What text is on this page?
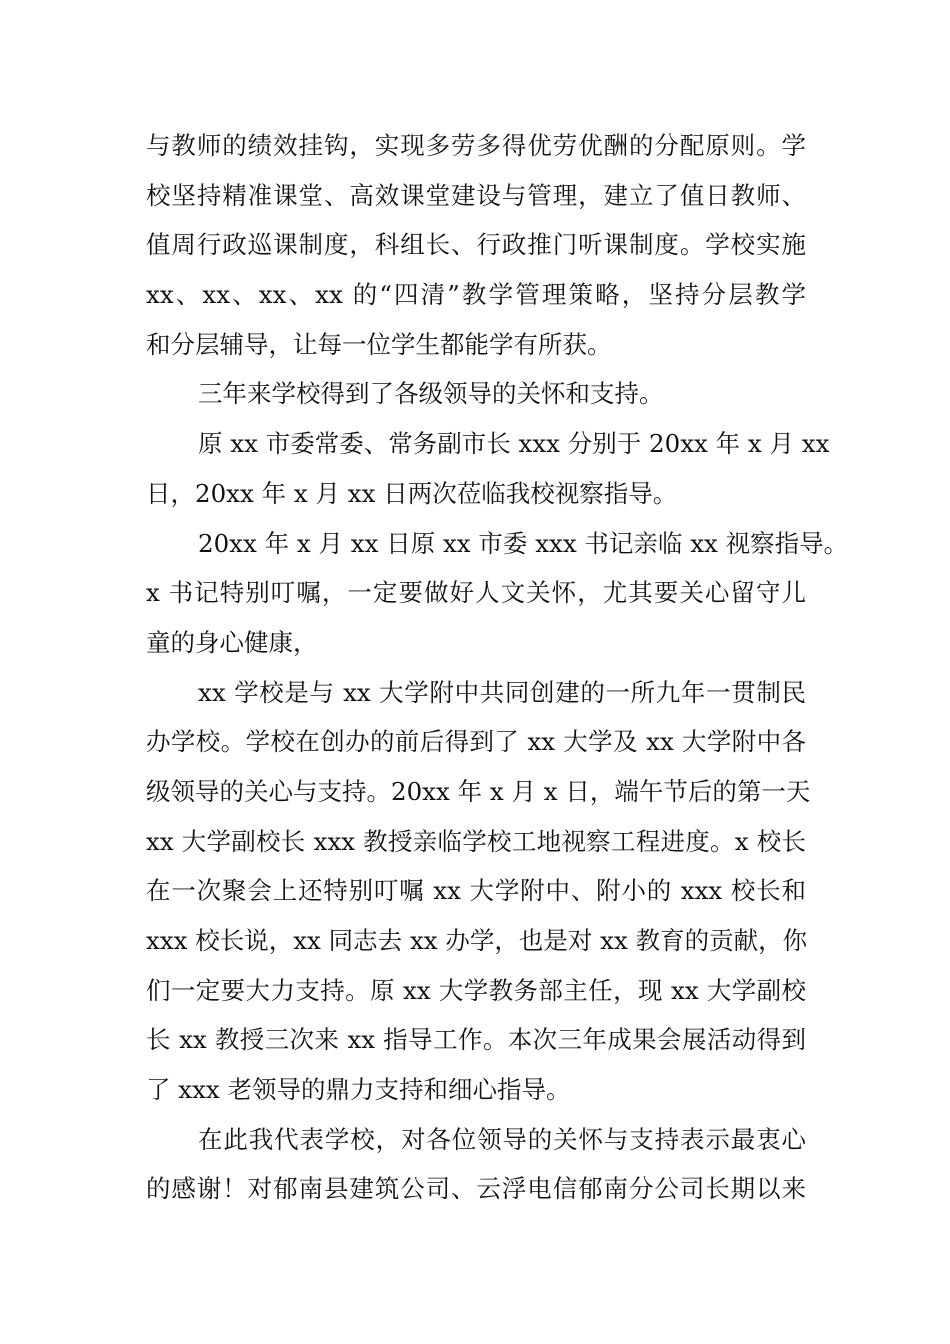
与教师的绩效挂钩，实现多劳多得优劳优酬的分配原则。学
校坚持精准课堂、高效课堂建设与管理，建立了值日教师、
值周行政巡课制度，科组长、行政推门听课制度。学校实施
xx、xx、xx、xx 的“四清”教学管理策略，坚持分层教学
和分层辅导，让每一位学生都能学有所获。
三年来学校得到了各级领导的关怀和支持。
原 xx 市委常委、常务副市长 xxx 分别于 20xx 年 x 月 xx
日，20xx 年 x 月 xx 日两次莅临我校视察指导。
20xx 年 x 月 xx 日原 xx 市委 xxx 书记亲临 xx 视察指导。
x 书记特别叮嘱，一定要做好人文关怀，尤其要关心留守儿
童的身心健康，
xx 学校是与 xx 大学附中共同创建的一所九年一贯制民
办学校。学校在创办的前后得到了 xx 大学及 xx 大学附中各
级领导的关心与支持。20xx 年 x 月 x 日，端午节后的第一天
xx 大学副校长 xxx 教授亲临学校工地视察工程进度。x 校长
在一次聚会上还特别叮嘱 xx 大学附中、附小的 xxx 校长和
xxx 校长说，xx 同志去 xx 办学，也是对 xx 教育的贡献，你
们一定要大力支持。原 xx 大学教务部主任，现 xx 大学副校
长 xx 教授三次来 xx 指导工作。本次三年成果会展活动得到
了 xxx 老领导的鼎力支持和细心指导。
在此我代表学校，对各位领导的关怀与支持表示最衷心
的感谢！对郁南县建筑公司、云浮电信郁南分公司长期以来
